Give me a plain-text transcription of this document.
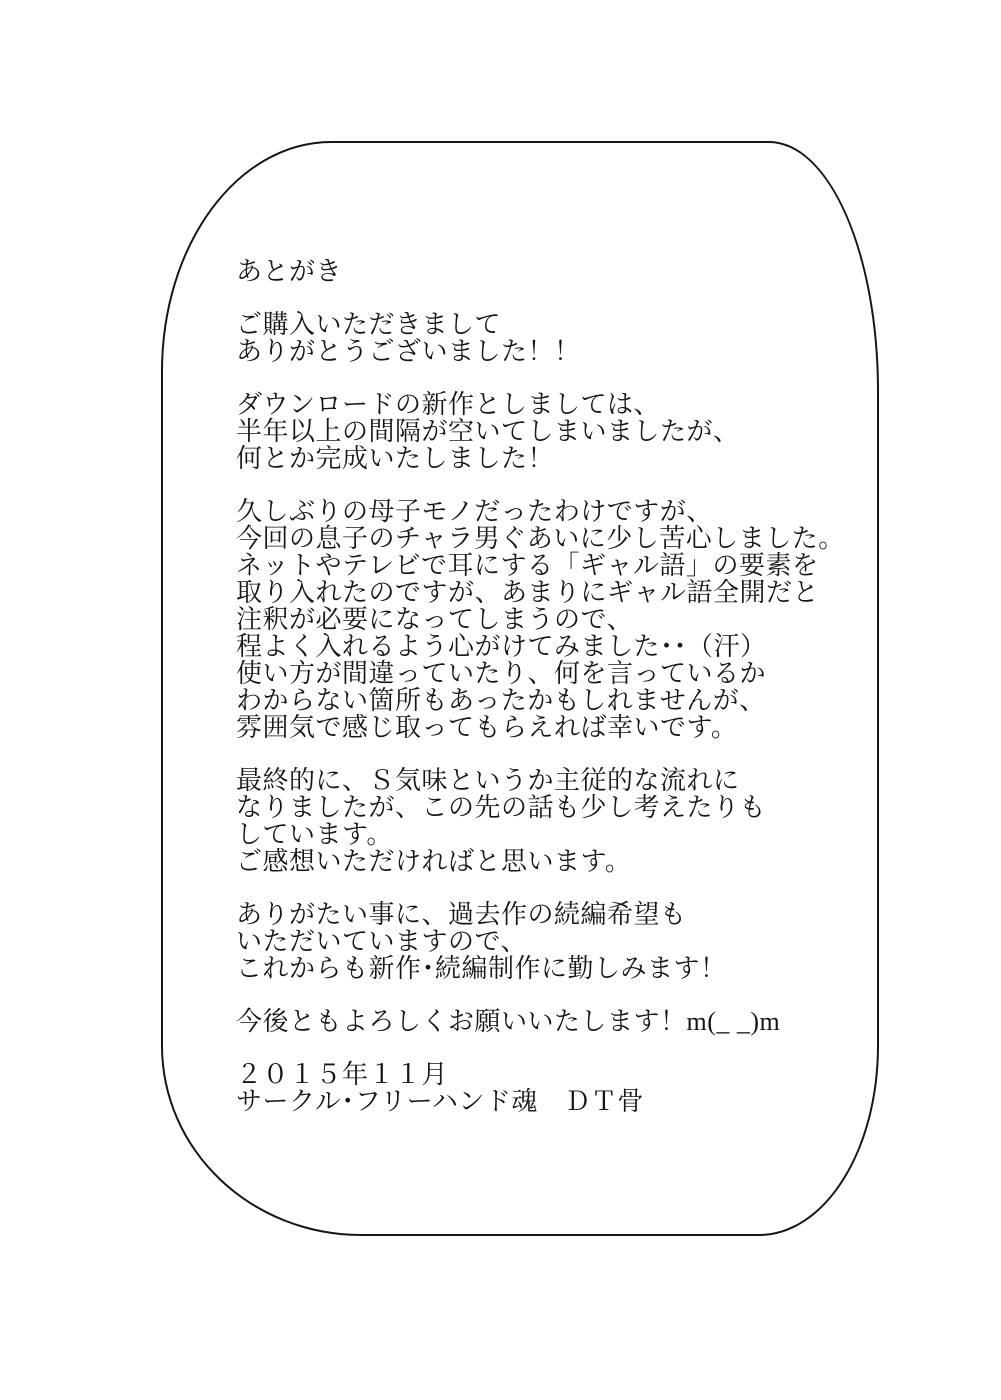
あとがき
ご購入いただきまして
ありがとうございました！！
ダウンロードの新作としましては、
半年以上の間隔が空いてしまいましたが、
何とか完成いたしました！
久しぶりの母子モノだったわけですが、
今回の息子のチャラ男ぐあいに少し苦心しました。
ネットやテレビで耳にする「ギャル語」の要素を
取り入れたのですが、あまりにギャル語全開だと
注釈が必要になってしまうので、
程よく入れるよう心がけてみました･･（汗）
使い方が間違っていたり、何を言っているか
わからない箇所もあったかもしれませんが、
雰囲気で感じ取ってもらえれば幸いです。
最終的に、Ｓ気味というか主従的な流れに
なりましたが、この先の話も少し考えたりも
しています。
ご感想いただければと思います。
ありがたい事に、過去作の続編希望も
いただいていますので、
これからも新作･続編制作に勤しみます！
今後ともよろしくお願いいたします！m(_ _)m
２０１５年１１月
サークル･フリーハンド魂　ＤＴ骨
